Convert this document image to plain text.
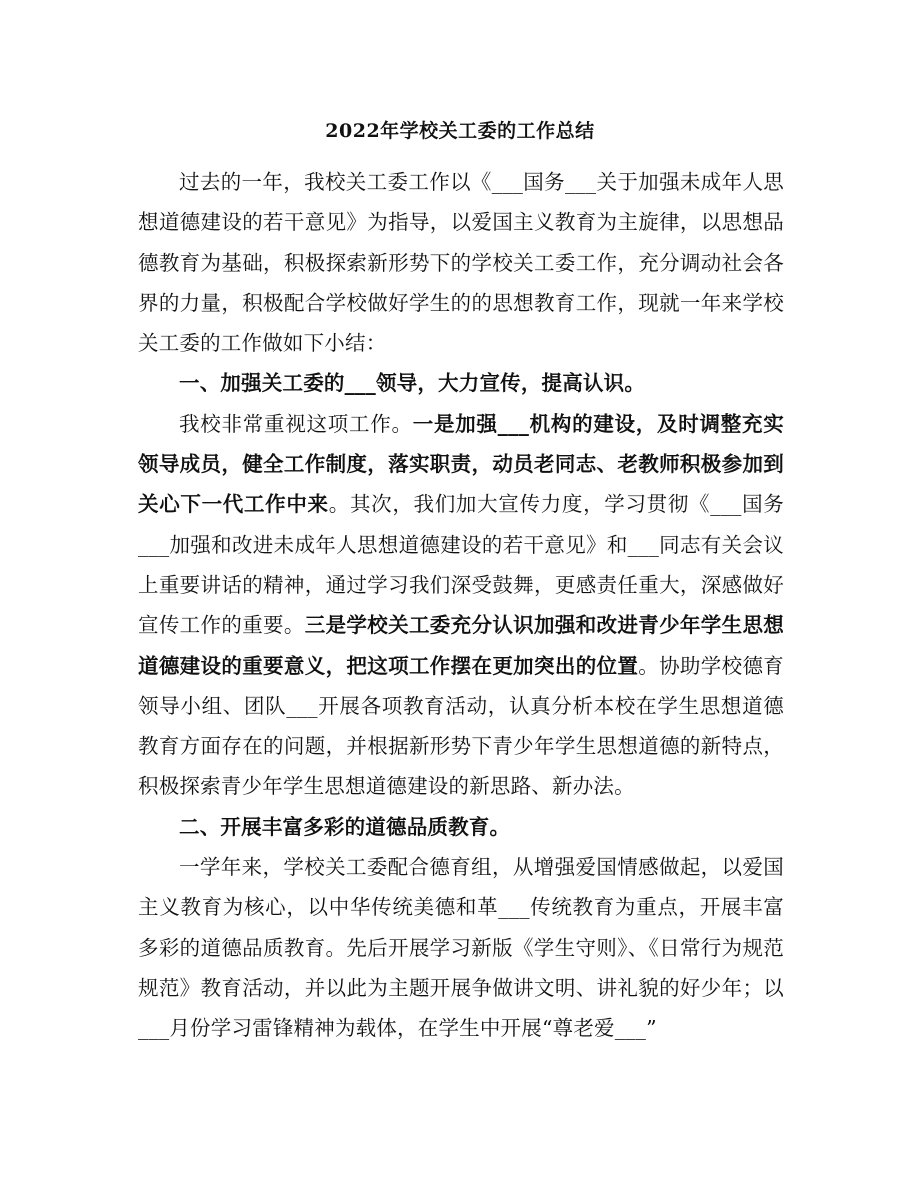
2022年学校关工委的工作总结

过去的一年，我校关工委工作以《___国务___关于加强未成年人思想道德建设的若干意见》为指导，以爱国主义教育为主旋律，以思想品德教育为基础，积极探索新形势下的学校关工委工作，充分调动社会各界的力量，积极配合学校做好学生的的思想教育工作，现就一年来学校关工委的工作做如下小结：

一、加强关工委的___领导，大力宣传，提高认识。

我校非常重视这项工作。一是加强___机构的建设，及时调整充实领导成员，健全工作制度，落实职责，动员老同志、老教师积极参加到关心下一代工作中来。其次，我们加大宣传力度，学习贯彻《___国务___加强和改进未成年人思想道德建设的若干意见》和___同志有关会议上重要讲话的精神，通过学习我们深受鼓舞，更感责任重大，深感做好宣传工作的重要。三是学校关工委充分认识加强和改进青少年学生思想道德建设的重要意义，把这项工作摆在更加突出的位置。协助学校德育领导小组、团队___开展各项教育活动，认真分析本校在学生思想道德教育方面存在的问题，并根据新形势下青少年学生思想道德的新特点，积极探索青少年学生思想道德建设的新思路、新办法。

二、开展丰富多彩的道德品质教育。

一学年来，学校关工委配合德育组，从增强爱国情感做起，以爱国主义教育为核心，以中华传统美德和革___传统教育为重点，开展丰富多彩的道德品质教育。先后开展学习新版《学生守则》、《日常行为规范规范》教育活动，并以此为主题开展争做讲文明、讲礼貌的好少年；以___月份学习雷锋精神为载体，在学生中开展“尊老爱___”
